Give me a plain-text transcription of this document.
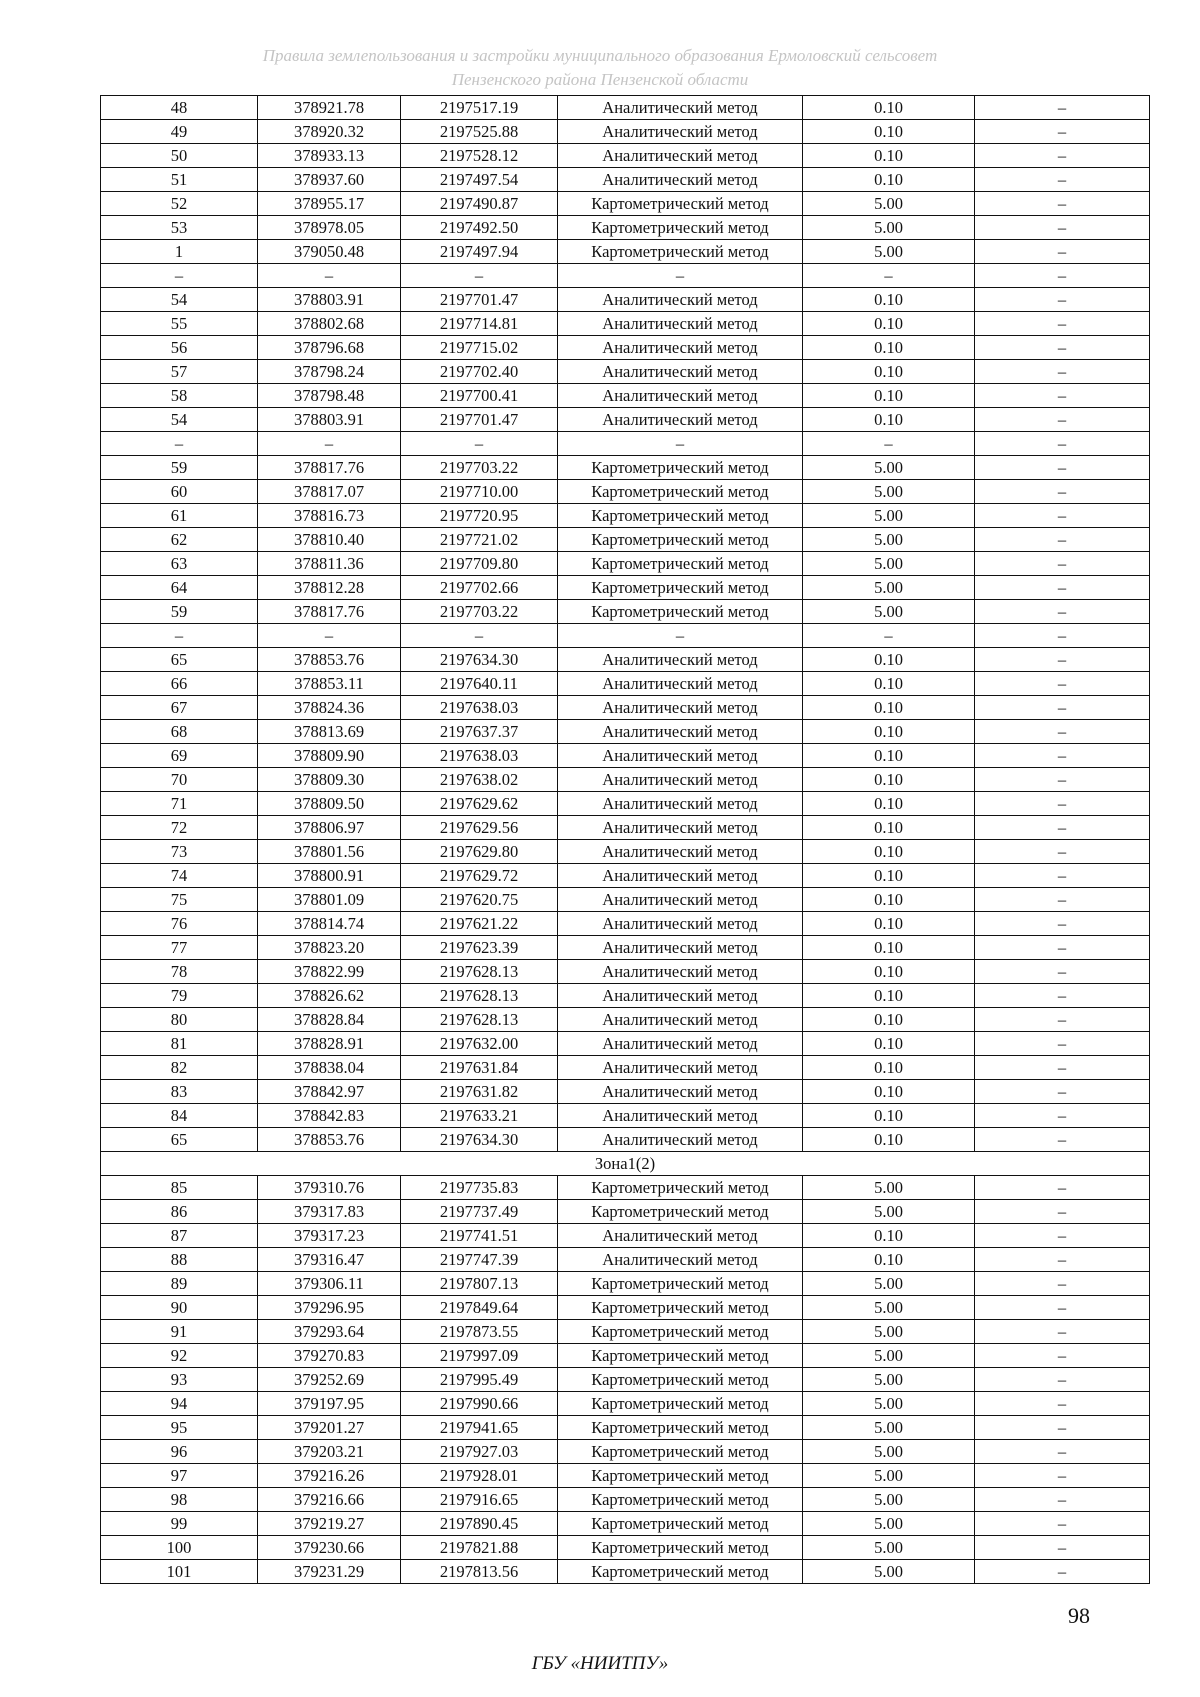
Правила землепользования и застройки муниципального образования Ермоловский сельсовет
Пензенского района Пензенской области
48	378921.78	2197517.19	Аналитический метод	0.10	–
49	378920.32	2197525.88	Аналитический метод	0.10	–
50	378933.13	2197528.12	Аналитический метод	0.10	–
51	378937.60	2197497.54	Аналитический метод	0.10	–
52	378955.17	2197490.87	Картометрический метод	5.00	–
53	378978.05	2197492.50	Картометрический метод	5.00	–
1	379050.48	2197497.94	Картометрический метод	5.00	–
–	–	–	–	–	–
54	378803.91	2197701.47	Аналитический метод	0.10	–
55	378802.68	2197714.81	Аналитический метод	0.10	–
56	378796.68	2197715.02	Аналитический метод	0.10	–
57	378798.24	2197702.40	Аналитический метод	0.10	–
58	378798.48	2197700.41	Аналитический метод	0.10	–
54	378803.91	2197701.47	Аналитический метод	0.10	–
–	–	–	–	–	–
59	378817.76	2197703.22	Картометрический метод	5.00	–
60	378817.07	2197710.00	Картометрический метод	5.00	–
61	378816.73	2197720.95	Картометрический метод	5.00	–
62	378810.40	2197721.02	Картометрический метод	5.00	–
63	378811.36	2197709.80	Картометрический метод	5.00	–
64	378812.28	2197702.66	Картометрический метод	5.00	–
59	378817.76	2197703.22	Картометрический метод	5.00	–
–	–	–	–	–	–
65	378853.76	2197634.30	Аналитический метод	0.10	–
66	378853.11	2197640.11	Аналитический метод	0.10	–
67	378824.36	2197638.03	Аналитический метод	0.10	–
68	378813.69	2197637.37	Аналитический метод	0.10	–
69	378809.90	2197638.03	Аналитический метод	0.10	–
70	378809.30	2197638.02	Аналитический метод	0.10	–
71	378809.50	2197629.62	Аналитический метод	0.10	–
72	378806.97	2197629.56	Аналитический метод	0.10	–
73	378801.56	2197629.80	Аналитический метод	0.10	–
74	378800.91	2197629.72	Аналитический метод	0.10	–
75	378801.09	2197620.75	Аналитический метод	0.10	–
76	378814.74	2197621.22	Аналитический метод	0.10	–
77	378823.20	2197623.39	Аналитический метод	0.10	–
78	378822.99	2197628.13	Аналитический метод	0.10	–
79	378826.62	2197628.13	Аналитический метод	0.10	–
80	378828.84	2197628.13	Аналитический метод	0.10	–
81	378828.91	2197632.00	Аналитический метод	0.10	–
82	378838.04	2197631.84	Аналитический метод	0.10	–
83	378842.97	2197631.82	Аналитический метод	0.10	–
84	378842.83	2197633.21	Аналитический метод	0.10	–
65	378853.76	2197634.30	Аналитический метод	0.10	–
Зона1(2)					
85	379310.76	2197735.83	Картометрический метод	5.00	–
86	379317.83	2197737.49	Картометрический метод	5.00	–
87	379317.23	2197741.51	Аналитический метод	0.10	–
88	379316.47	2197747.39	Аналитический метод	0.10	–
89	379306.11	2197807.13	Картометрический метод	5.00	–
90	379296.95	2197849.64	Картометрический метод	5.00	–
91	379293.64	2197873.55	Картометрический метод	5.00	–
92	379270.83	2197997.09	Картометрический метод	5.00	–
93	379252.69	2197995.49	Картометрический метод	5.00	–
94	379197.95	2197990.66	Картометрический метод	5.00	–
95	379201.27	2197941.65	Картометрический метод	5.00	–
96	379203.21	2197927.03	Картометрический метод	5.00	–
97	379216.26	2197928.01	Картометрический метод	5.00	–
98	379216.66	2197916.65	Картометрический метод	5.00	–
99	379219.27	2197890.45	Картометрический метод	5.00	–
100	379230.66	2197821.88	Картометрический метод	5.00	–
101	379231.29	2197813.56	Картометрический метод	5.00	–
98
ГБУ «НИИТПУ»
